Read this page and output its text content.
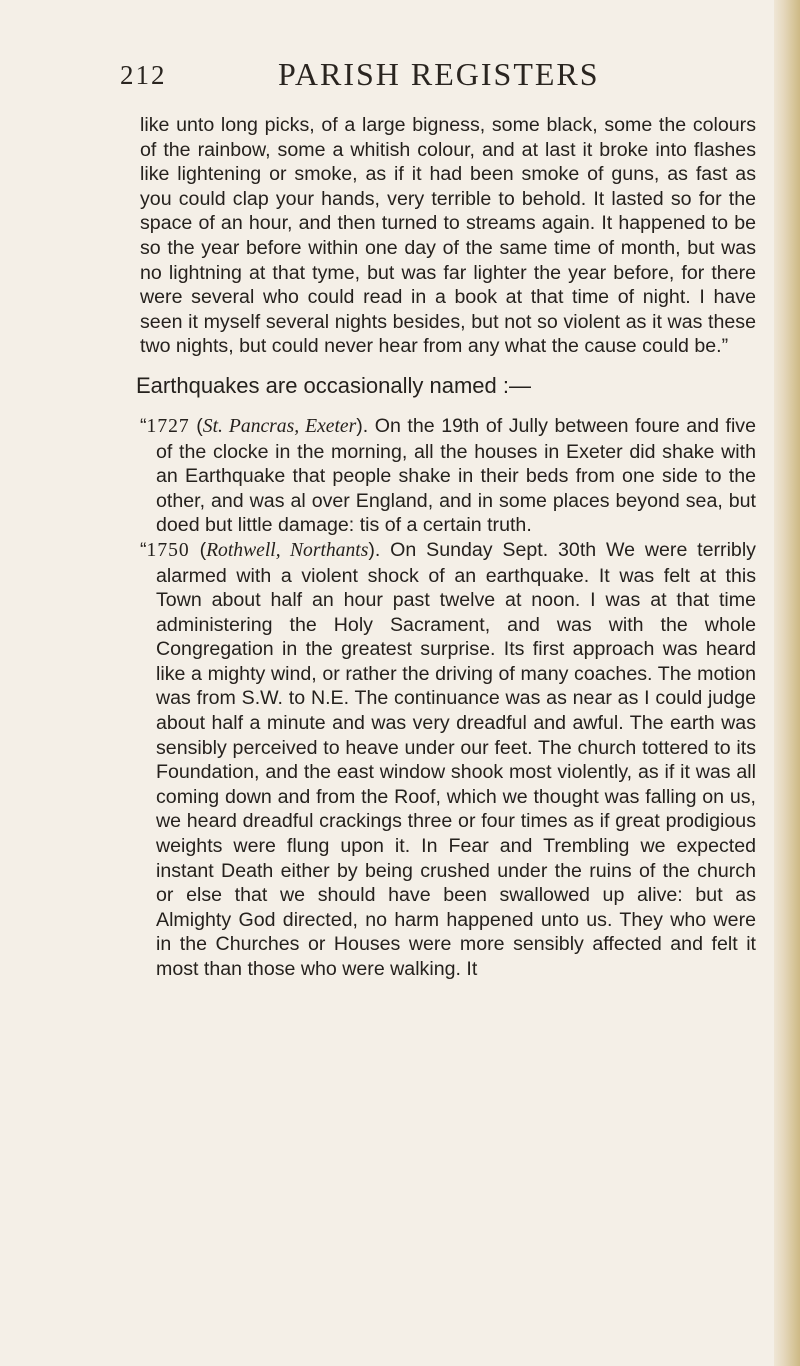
212	PARISH REGISTERS

like unto long picks, of a large bigness, some black, some the colours of the rainbow, some a whitish colour, and at last it broke into flashes like lightening or smoke, as if it had been smoke of guns, as fast as you could clap your hands, very terrible to behold. It lasted so for the space of an hour, and then turned to streams again. It happened to be so the year before within one day of the same time of month, but was no lightning at that tyme, but was far lighter the year before, for there were several who could read in a book at that time of night. I have seen it myself several nights besides, but not so violent as it was these two nights, but could never hear from any what the cause could be.”

Earthquakes are occasionally named :—

“1727 (St. Pancras, Exeter). On the 19th of Jully between foure and five of the clocke in the morning, all the houses in Exeter did shake with an Earthquake that people shake in their beds from one side to the other, and was al over England, and in some places beyond sea, but doed but little damage: tis of a certain truth.

“1750 (Rothwell, Northants). On Sunday Sept. 30th We were terribly alarmed with a violent shock of an earthquake. It was felt at this Town about half an hour past twelve at noon. I was at that time administering the Holy Sacrament, and was with the whole Congregation in the greatest surprise. Its first approach was heard like a mighty wind, or rather the driving of many coaches. The motion was from S.W. to N.E. The continuance was as near as I could judge about half a minute and was very dreadful and awful. The earth was sensibly perceived to heave under our feet. The church tottered to its Foundation, and the east window shook most violently, as if it was all coming down and from the Roof, which we thought was falling on us, we heard dreadful crackings three or four times as if great prodigious weights were flung upon it. In Fear and Trembling we expected instant Death either by being crushed under the ruins of the church or else that we should have been swallowed up alive: but as Almighty God directed, no harm happened unto us. They who were in the Churches or Houses were more sensibly affected and felt it most than those who were walking. It
